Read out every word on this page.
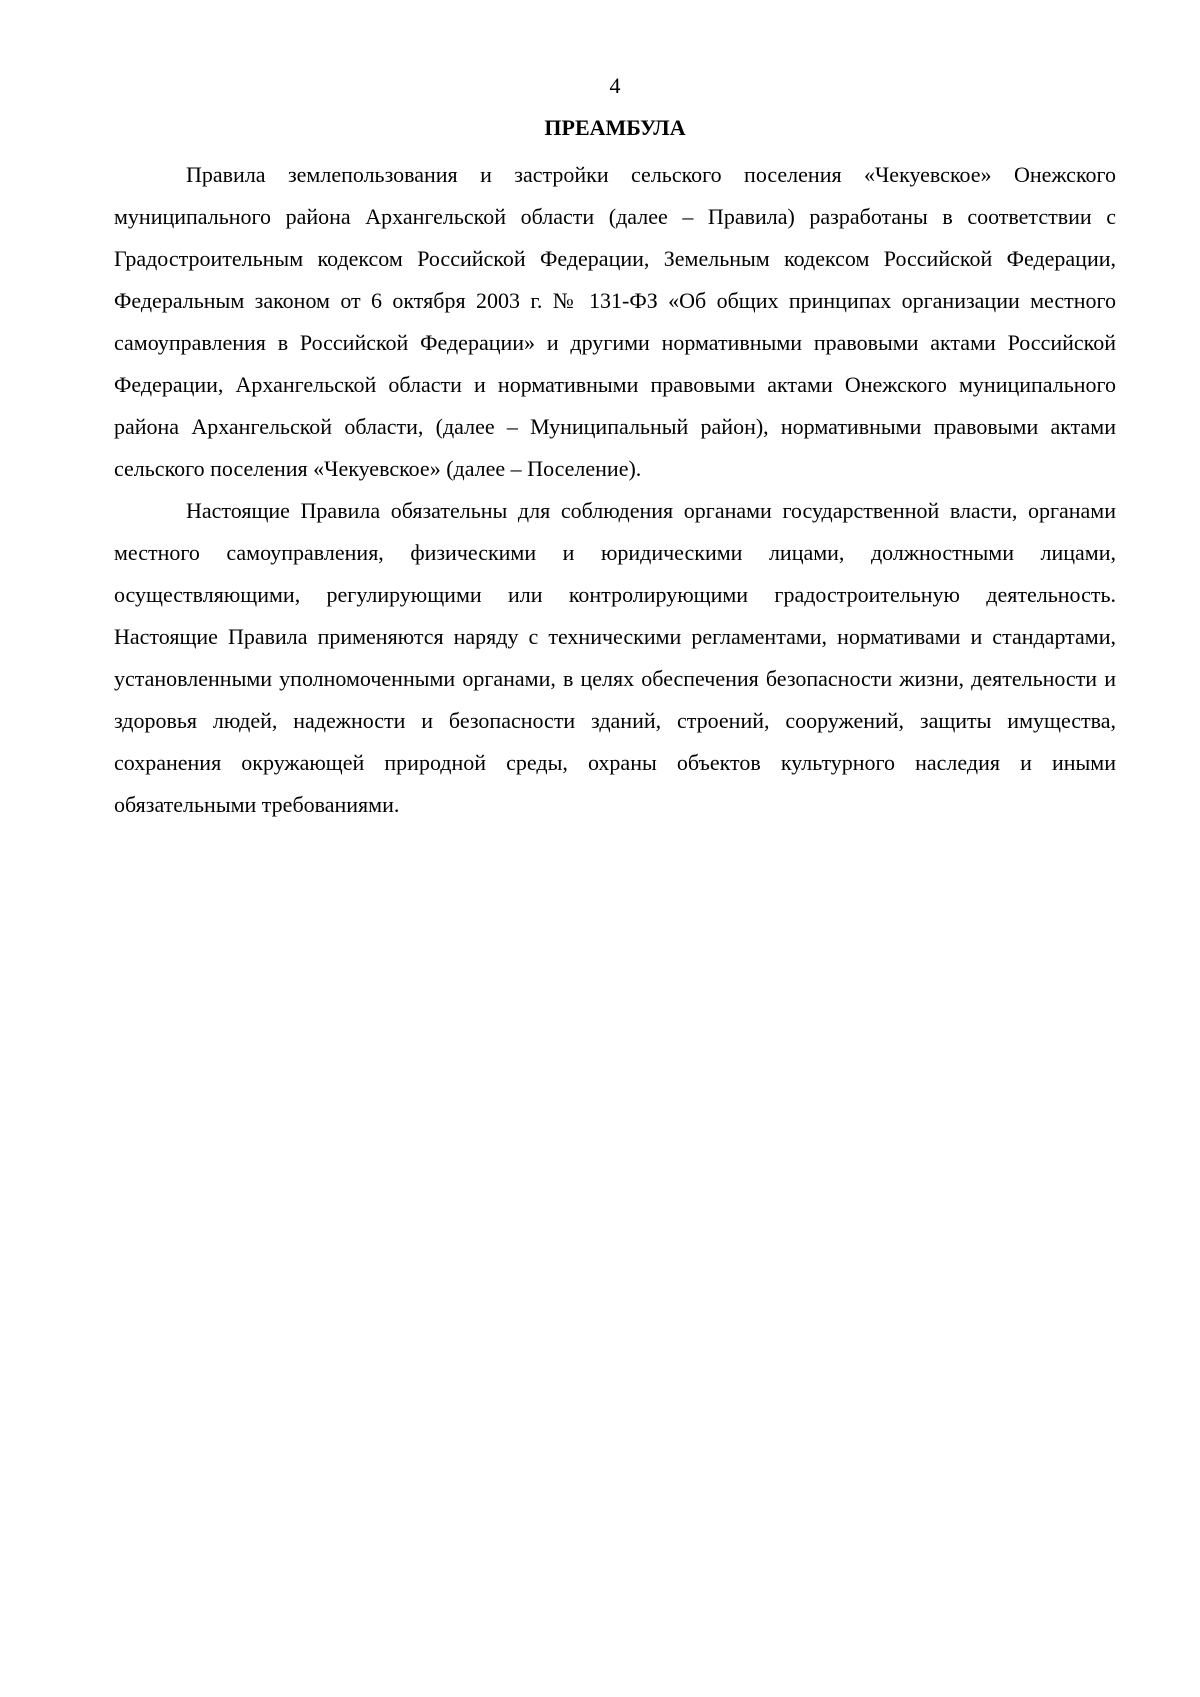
4

ПРЕАМБУЛА

Правила землепользования и застройки сельского поселения «Чекуевское» Онежского муниципального района Архангельской области (далее – Правила) разработаны в соответствии с Градостроительным кодексом Российской Федерации, Земельным кодексом Российской Федерации, Федеральным законом от 6 октября 2003 г. № 131-ФЗ «Об общих принципах организации местного самоуправления в Российской Федерации» и другими нормативными правовыми актами Российской Федерации, Архангельской области и нормативными правовыми актами Онежского муниципального района Архангельской области, (далее – Муниципальный район), нормативными правовыми актами сельского поселения «Чекуевское» (далее – Поселение).

Настоящие Правила обязательны для соблюдения органами государственной власти, органами местного самоуправления, физическими и юридическими лицами, должностными лицами, осуществляющими, регулирующими или контролирующими градостроительную деятельность. Настоящие Правила применяются наряду с техническими регламентами, нормативами и стандартами, установленными уполномоченными органами, в целях обеспечения безопасности жизни, деятельности и здоровья людей, надежности и безопасности зданий, строений, сооружений, защиты имущества, сохранения окружающей природной среды, охраны объектов культурного наследия и иными обязательными требованиями.
